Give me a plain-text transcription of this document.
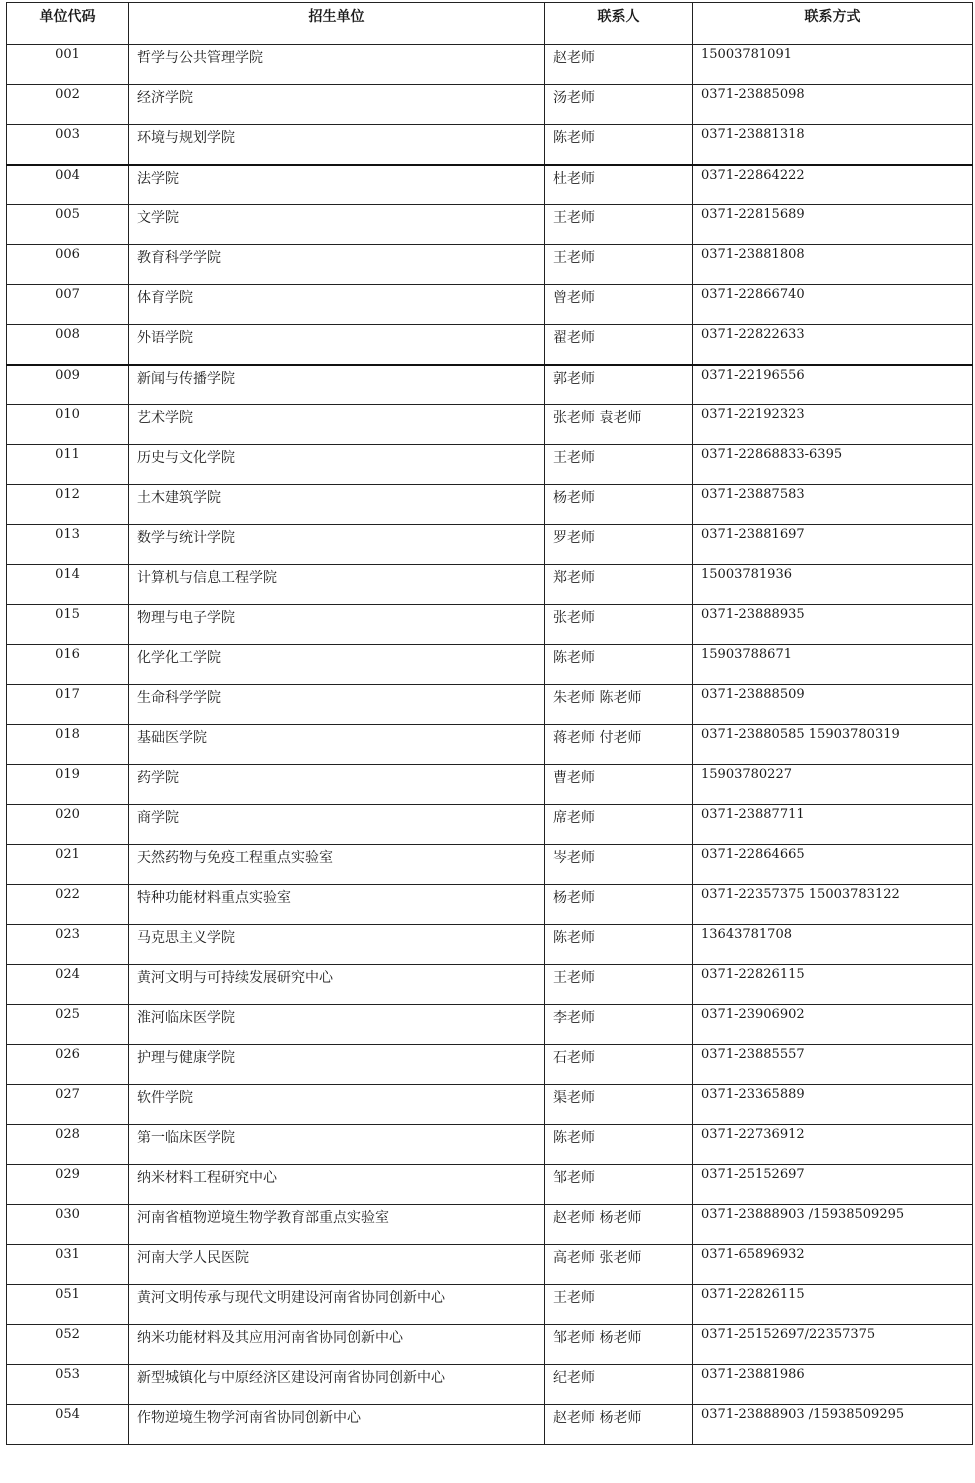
单位代码	招生单位	联系人	联系方式
001	哲学与公共管理学院	赵老师	15003781091
002	经济学院	汤老师	0371-23885098
003	环境与规划学院	陈老师	0371-23881318
004	法学院	杜老师	0371-22864222
005	文学院	王老师	0371-22815689
006	教育科学学院	王老师	0371-23881808
007	体育学院	曾老师	0371-22866740
008	外语学院	翟老师	0371-22822633
009	新闻与传播学院	郭老师	0371-22196556
010	艺术学院	张老师 袁老师	0371-22192323
011	历史与文化学院	王老师	0371-22868833-6395
012	土木建筑学院	杨老师	0371-23887583
013	数学与统计学院	罗老师	0371-23881697
014	计算机与信息工程学院	郑老师	15003781936
015	物理与电子学院	张老师	0371-23888935
016	化学化工学院	陈老师	15903788671
017	生命科学学院	朱老师 陈老师	0371-23888509
018	基础医学院	蒋老师 付老师	0371-23880585 15903780319
019	药学院	曹老师	15903780227
020	商学院	席老师	0371-23887711
021	天然药物与免疫工程重点实验室	岑老师	0371-22864665
022	特种功能材料重点实验室	杨老师	0371-22357375 15003783122
023	马克思主义学院	陈老师	13643781708
024	黄河文明与可持续发展研究中心	王老师	0371-22826115
025	淮河临床医学院	李老师	0371-23906902
026	护理与健康学院	石老师	0371-23885557
027	软件学院	渠老师	0371-23365889
028	第一临床医学院	陈老师	0371-22736912
029	纳米材料工程研究中心	邹老师	0371-25152697
030	河南省植物逆境生物学教育部重点实验室	赵老师 杨老师	0371-23888903 /15938509295
031	河南大学人民医院	高老师 张老师	0371-65896932
051	黄河文明传承与现代文明建设河南省协同创新中心	王老师	0371-22826115
052	纳米功能材料及其应用河南省协同创新中心	邹老师 杨老师	0371-25152697/22357375
053	新型城镇化与中原经济区建设河南省协同创新中心	纪老师	0371-23881986
054	作物逆境生物学河南省协同创新中心	赵老师 杨老师	0371-23888903 /15938509295
